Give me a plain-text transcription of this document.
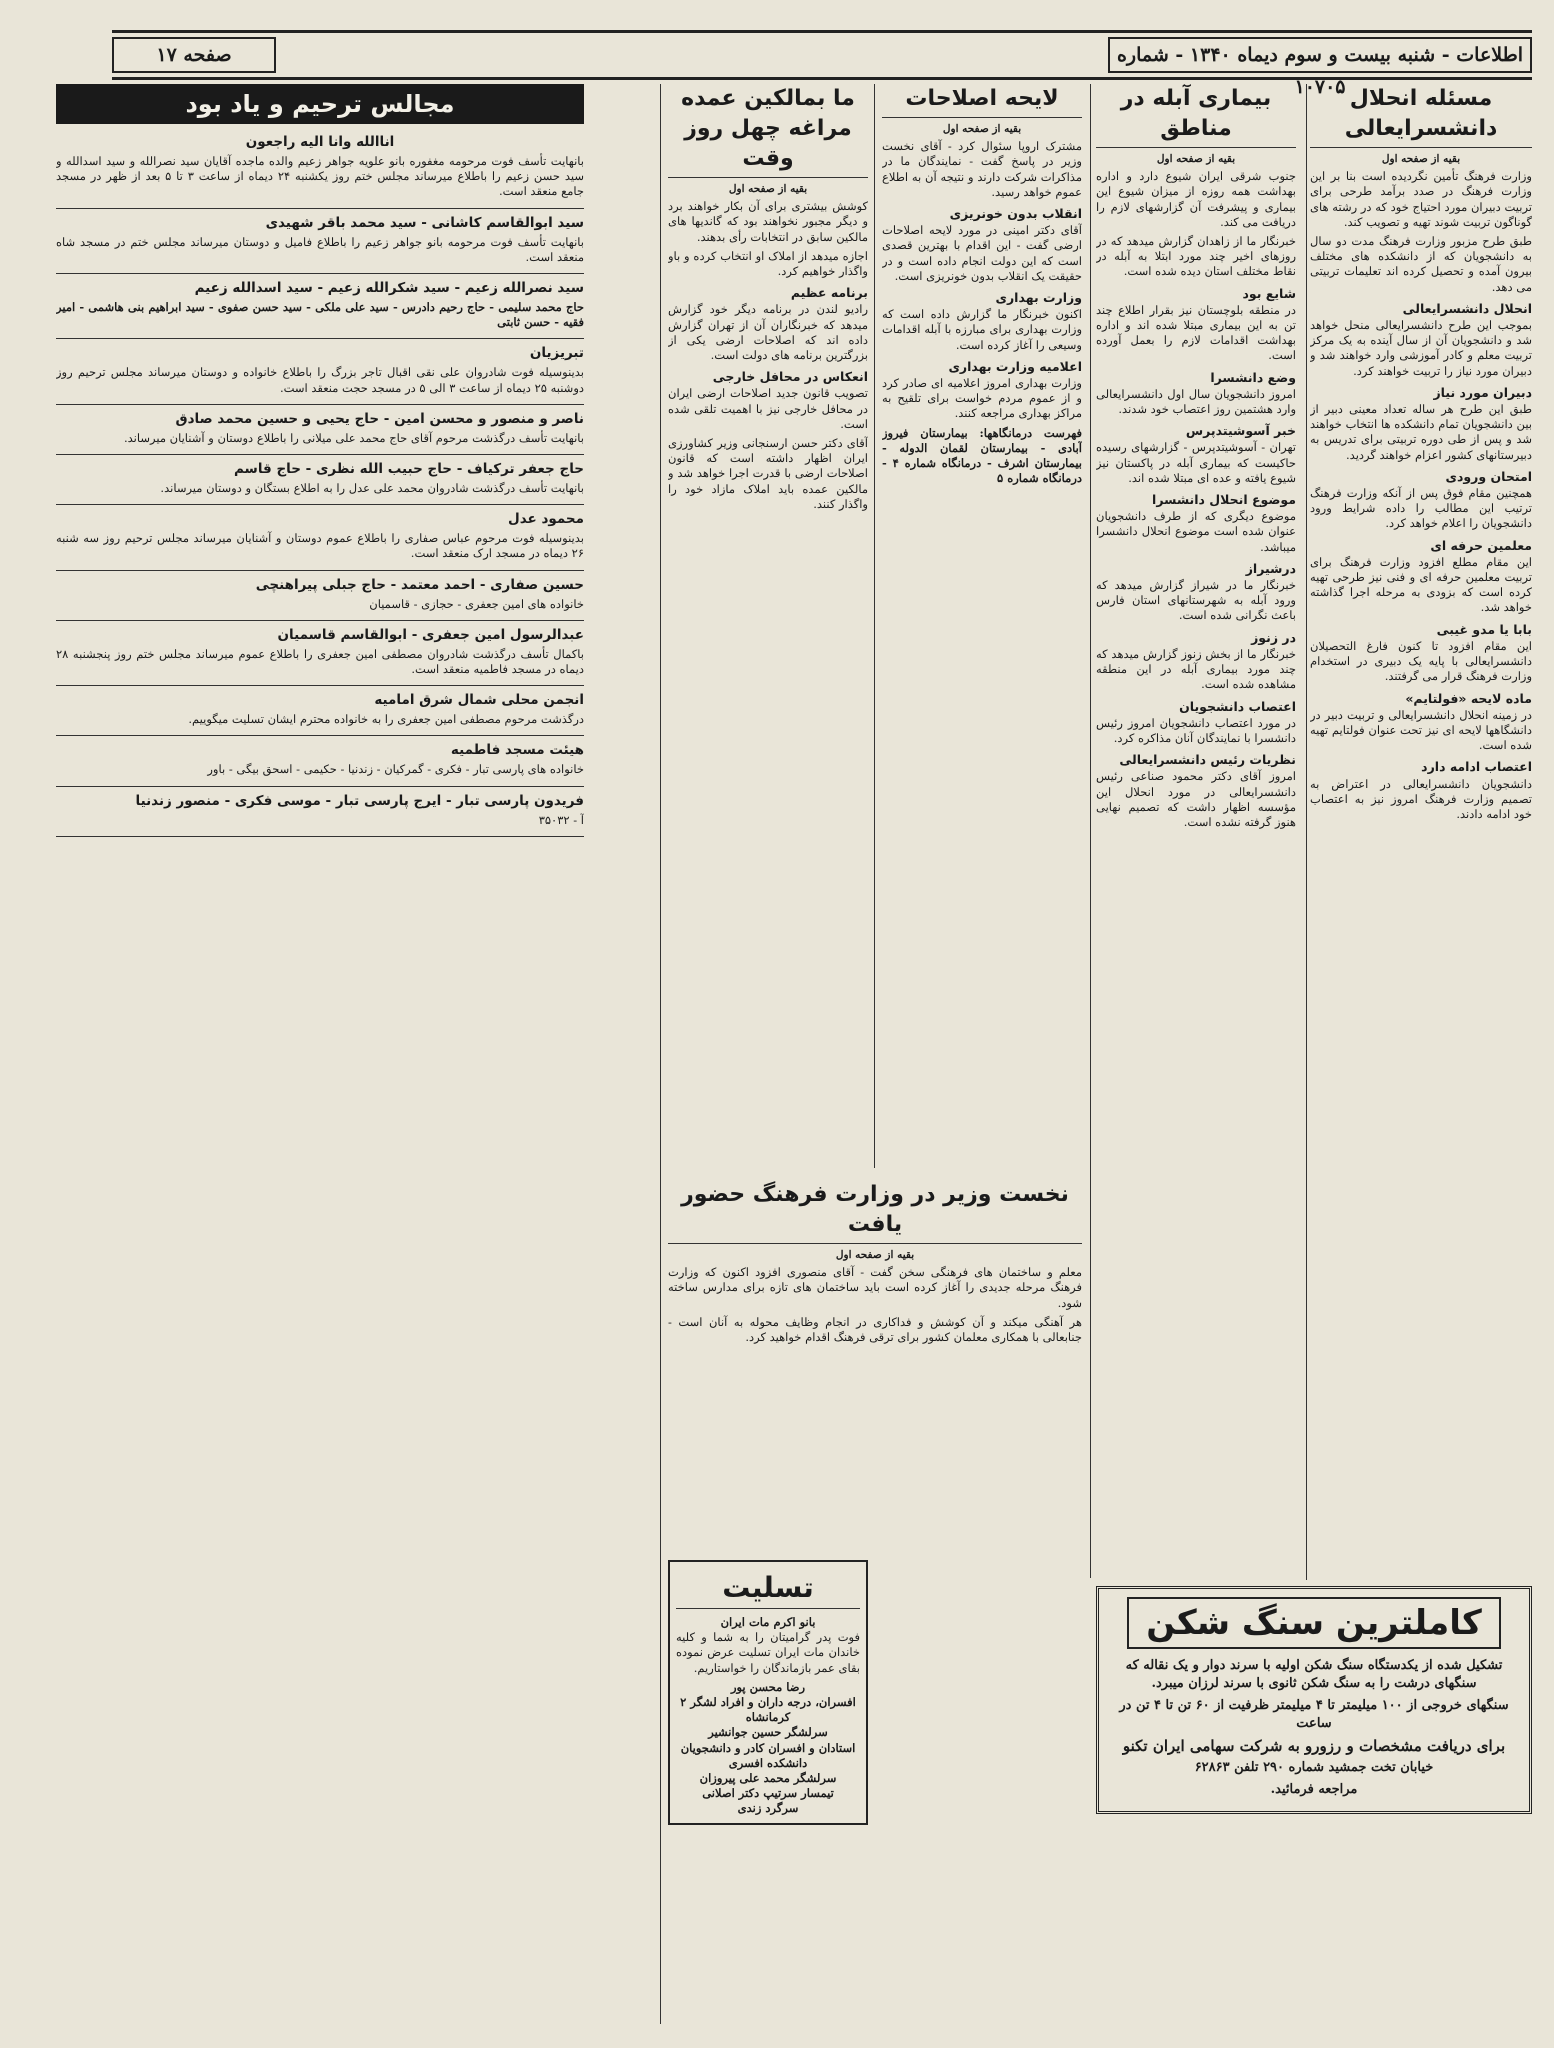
اطلاعات - شنبه بیست و سوم دیماه ۱۳۴۰ - شماره ۱۰۷۰۵
صفحه ۱۷
مسئله انحلال دانشسرایعالی
بقیه از صفحه اول

وزارت فرهنگ تأمین نگردیده است بنا بر این وزارت فرهنگ در صدد برآمد طرحی برای تربیت دبیران مورد احتیاج خود که در رشته های گوناگون تربیت شوند تهیه و تصویب کند.

طبق طرح مزبور وزارت فرهنگ مدت دو سال به دانشجویان که از دانشکده های مختلف بیرون آمده و تحصیل کرده اند تعلیمات تربیتی می دهد.

انحلال دانشسرایعالی

بموجب این طرح دانشسرایعالی منحل خواهد شد و دانشجویان آن از سال آینده به یک مرکز تربیت معلم و کادر آموزشی وارد خواهند شد و دبیران مورد نیاز را تربیت خواهند کرد.

دبیران مورد نیاز

طبق این طرح هر ساله تعداد معینی دبیر از بین دانشجویان تمام دانشکده ها انتخاب خواهند شد و پس از طی دوره تربیتی برای تدریس به دبیرستانهای کشور اعزام خواهند گردید.

امتحان ورودی

همچنین مقام فوق پس از آنکه وزارت فرهنگ ترتیب این مطالب را داده شرایط ورود دانشجویان را اعلام خواهد کرد.

معلمین حرفه ای

این مقام مطلع افزود وزارت فرهنگ برای تربیت معلمین حرفه ای و فنی نیز طرحی تهیه کرده است که بزودی به مرحله اجرا گذاشته خواهد شد.

بابا یا مدو غیبی

این مقام افزود تا کنون فارغ التحصیلان دانشسرایعالی با پایه یک دبیری در استخدام وزارت فرهنگ قرار می گرفتند.

ماده لایحه «فولتایم»

در زمینه انحلال دانشسرایعالی و تربیت دبیر در دانشگاهها لایحه ای نیز تحت عنوان فولتایم تهیه شده است.

اعتصاب ادامه دارد

دانشجویان دانشسرایعالی در اعتراض به تصمیم وزارت فرهنگ امروز نیز به اعتصاب خود ادامه دادند.

بیماری آبله در مناطق
بقیه از صفحه اول

جنوب شرقی ایران شیوع دارد و اداره بهداشت همه روزه از میزان شیوع این بیماری و پیشرفت آن گزارشهای لازم را دریافت می کند.

خبرنگار ما از زاهدان گزارش میدهد که در روزهای اخیر چند مورد ابتلا به آبله در نقاط مختلف استان دیده شده است.

شایع بود

در منطقه بلوچستان نیز بقرار اطلاع چند تن به این بیماری مبتلا شده اند و اداره بهداشت اقدامات لازم را بعمل آورده است.

وضع دانشسرا

امروز دانشجویان سال اول دانشسرایعالی وارد هشتمین روز اعتصاب خود شدند.

خبر آسوشیتدپرس

تهران - آسوشیتدپرس - گزارشهای رسیده حاکیست که بیماری آبله در پاکستان نیز شیوع یافته و عده ای مبتلا شده اند.

موضوع انحلال دانشسرا

موضوع دیگری که از طرف دانشجویان عنوان شده است موضوع انحلال دانشسرا میباشد.

درشیراز

خبرنگار ما در شیراز گزارش میدهد که ورود آبله به شهرستانهای استان فارس باعث نگرانی شده است.

در زنوز

خبرنگار ما از بخش زنوز گزارش میدهد که چند مورد بیماری آبله در این منطقه مشاهده شده است.

اعتصاب دانشجویان

در مورد اعتصاب دانشجویان امروز رئیس دانشسرا با نمایندگان آنان مذاکره کرد.

نظریات رئیس دانشسرایعالی

امروز آقای دکتر محمود صناعی رئیس دانشسرایعالی در مورد انحلال این مؤسسه اظهار داشت که تصمیم نهایی هنوز گرفته نشده است.

لایحه اصلاحات
بقیه از صفحه اول

مشترک اروپا سئوال کرد - آقای نخست وزیر در پاسخ گفت - نمایندگان ما در مذاکرات شرکت دارند و نتیجه آن به اطلاع عموم خواهد رسید.

انقلاب بدون خونریزی

آقای دکتر امینی در مورد لایحه اصلاحات ارضی گفت - این اقدام با بهترین قصدی است که این دولت انجام داده است و در حقیقت یک انقلاب بدون خونریزی است.

وزارت بهداری

اکنون خبرنگار ما گزارش داده است که وزارت بهداری برای مبارزه با آبله اقدامات وسیعی را آغاز کرده است.

اعلامیه وزارت بهداری

وزارت بهداری امروز اعلامیه ای صادر کرد و از عموم مردم خواست برای تلقیح به مراکز بهداری مراجعه کنند.

فهرست درمانگاهها: بیمارستان فیروز آبادی - بیمارستان لقمان الدوله - بیمارستان اشرف - درمانگاه شماره ۴ - درمانگاه شماره ۵

ما بمالکین عمده مراغه چهل روز وقت
بقیه از صفحه اول

کوشش بیشتری برای آن بکار خواهند برد و دیگر مجبور نخواهند بود که گاندیها های مالکین سابق در انتخابات رأی بدهند.

اجازه میدهد از املاک او انتخاب کرده و باو واگذار خواهیم کرد.

برنامه عظیم

رادیو لندن در برنامه دیگر خود گزارش میدهد که خبرنگاران آن از تهران گزارش داده اند که اصلاحات ارضی یکی از بزرگترین برنامه های دولت است.

انعکاس در محافل خارجی

تصویب قانون جدید اصلاحات ارضی ایران در محافل خارجی نیز با اهمیت تلقی شده است.

آقای دکتر حسن ارسنجانی وزیر کشاورزی ایران اظهار داشته است که قانون اصلاحات ارضی با قدرت اجرا خواهد شد و مالکین عمده باید املاک مازاد خود را واگذار کنند.

نخست وزیر در وزارت فرهنگ حضور یافت
بقیه از صفحه اول

معلم و ساختمان های فرهنگی سخن گفت - آقای منصوری افزود اکنون که وزارت فرهنگ مرحله جدیدی را آغاز کرده است باید ساختمان های تازه برای مدارس ساخته شود.

هر آهنگی میکند و آن کوشش و فداکاری در انجام وظایف محوله به آنان است - جنابعالی با همکاری معلمان کشور برای ترقی فرهنگ اقدام خواهید کرد.

تسلیت
بانو اکرم مات ایران

فوت پدر گرامیتان را به شما و کلیه خاندان مات ایران تسلیت عرض نموده بقای عمر بازماندگان را خواستاریم.

رضا محسن پور
افسران، درجه داران و افراد لشگر ۲ کرمانشاه
سرلشگر حسین جوانشیر
استادان و افسران کادر و دانشجویان دانشکده افسری
سرلشگر محمد علی پیروزان
تیمسار سرتیپ دکتر اصلانی
سرگرد زندی
کاملترین سنگ شکن

تشکیل شده از یکدستگاه سنگ شکن اولیه با سرند دوار و یک نقاله که سنگهای درشت را به سنگ شکن ثانوی با سرند لرزان میبرد.

سنگهای خروجی از ۱۰۰ میلیمتر تا ۴ میلیمتر ظرفیت از ۶۰ تن تا ۴ تن در ساعت

برای دریافت مشخصات و رزورو به شرکت سهامی ایران تکنو

خیابان تخت جمشید شماره ۲۹۰ تلفن ۶۲۸۶۳

مراجعه فرمائید.

مجالس ترحیم و یاد بود
اناالله وانا الیه راجعون

بانهایت تأسف فوت مرحومه مغفوره بانو علویه جواهر زعیم والده ماجده آقایان سید نصرالله و سید اسدالله و سید حسن زعیم را باطلاع میرساند مجلس ختم روز یکشنبه ۲۴ دیماه از ساعت ۳ تا ۵ بعد از ظهر در مسجد جامع منعقد است.

سید ابوالقاسم کاشانی - سید محمد باقر شهیدی

بانهایت تأسف فوت مرحومه بانو جواهر زعیم را باطلاع فامیل و دوستان میرساند مجلس ختم در مسجد شاه منعقد است.

سید نصرالله زعیم - سید شکرالله زعیم - سید اسدالله زعیم

حاج محمد سلیمی - حاج رحیم دادرس - سید علی ملکی - سید حسن صفوی - سید ابراهیم بنی هاشمی - امیر فقیه - حسن ثابتی

تبریزیان

بدینوسیله فوت شادروان علی نقی اقبال تاجر بزرگ را باطلاع خانواده و دوستان میرساند مجلس ترحیم روز دوشنبه ۲۵ دیماه از ساعت ۳ الی ۵ در مسجد حجت منعقد است.

ناصر و منصور و محسن امین - حاج یحیی و حسین محمد صادق

بانهایت تأسف درگذشت مرحوم آقای حاج محمد علی میلانی را باطلاع دوستان و آشنایان میرساند.

حاج جعفر ترکیاف - حاج حبیب الله نظری - حاج قاسم

بانهایت تأسف درگذشت شادروان محمد علی عدل را به اطلاع بستگان و دوستان میرساند.

محمود عدل

بدینوسیله فوت مرحوم عباس صفاری را باطلاع عموم دوستان و آشنایان میرساند مجلس ترحیم روز سه شنبه ۲۶ دیماه در مسجد ارک منعقد است.

حسین صفاری - احمد معتمد - حاج جبلی پیراهنچی

خانواده های امین جعفری - حجازی - قاسمیان

عبدالرسول امین جعفری - ابوالقاسم قاسمیان

باکمال تأسف درگذشت شادروان مصطفی امین جعفری را باطلاع عموم میرساند مجلس ختم روز پنجشنبه ۲۸ دیماه در مسجد فاطمیه منعقد است.

انجمن محلی شمال شرق امامیه

درگذشت مرحوم مصطفی امین جعفری را به خانواده محترم ایشان تسلیت میگوییم.

هیئت مسجد فاطمیه

خانواده های پارسی تبار - فکری - گمرکیان - زندنیا - حکیمی - اسحق بیگی - باور

فریدون پارسی تبار - ایرج پارسی تبار - موسی فکری - منصور زندنیا

آ - ۳۵۰۳۲
